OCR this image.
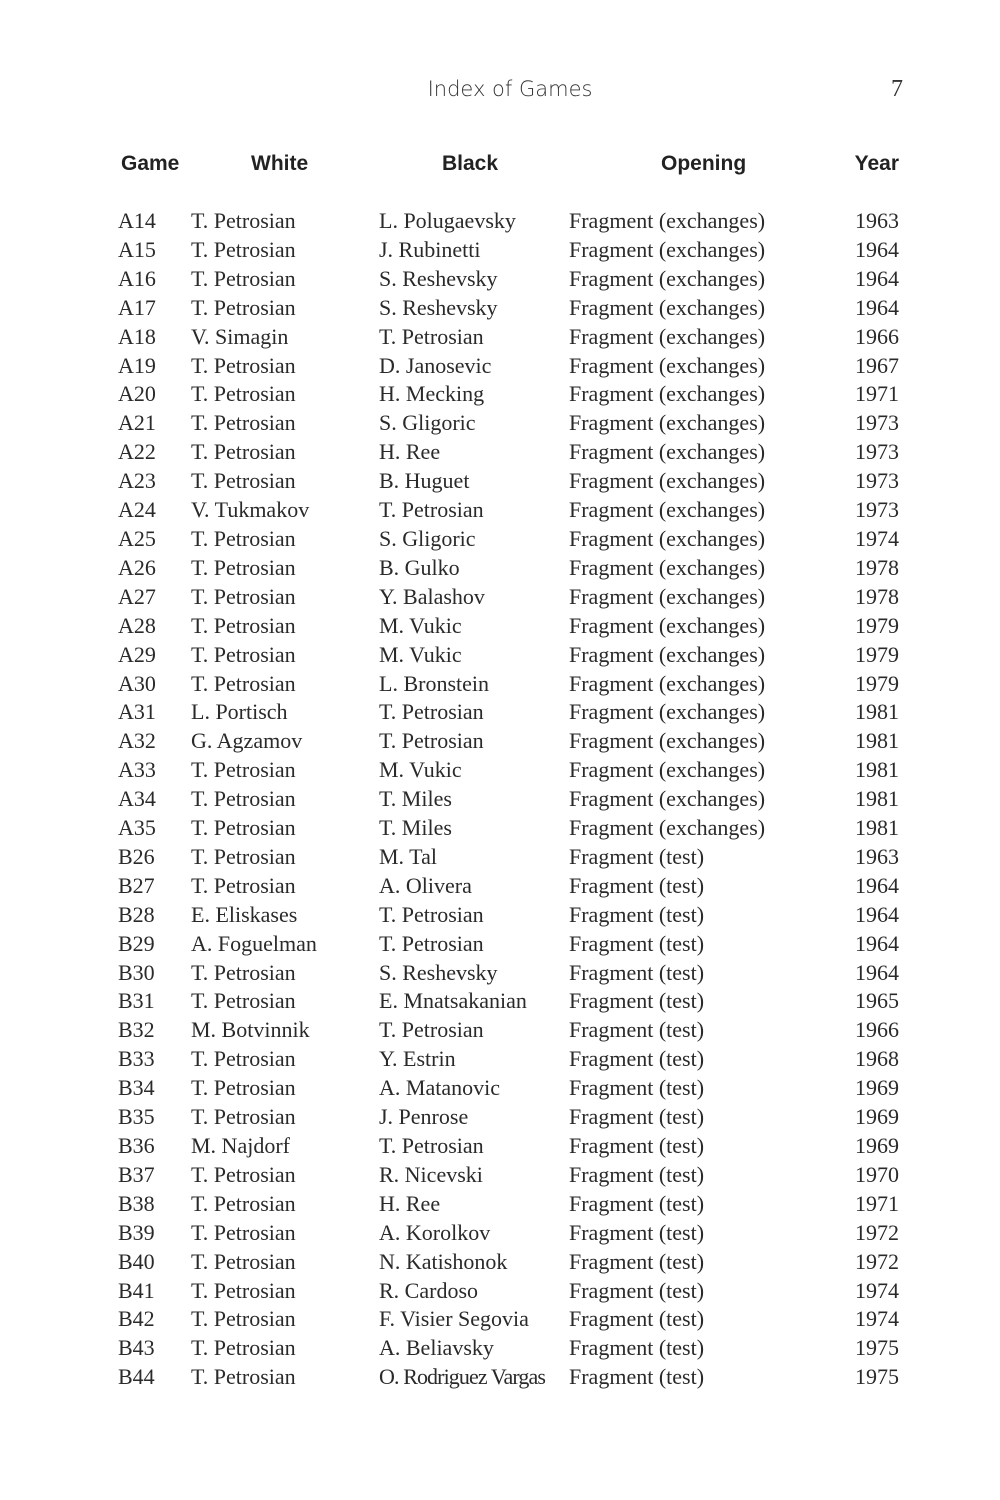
Index of Games	7
Game	White	Black	Opening	Year
A14 T. Petrosian	L. Polugaevsky Fragment (exchanges)	1963
A15 T. Petrosian	J. Rubinetti	Fragment (exchanges)	1964
A16 T. Petrosian	S. Reshevsky	Fragment (exchanges)	1964
A17 T. Petrosian	S. Reshevsky	Fragment (exchanges)	1964
A18 V. Simagin	T. Petrosian	Fragment (exchanges)	1966
A19 T. Petrosian	D. Janosevic	Fragment (exchanges)	1967
A20 T. Petrosian	H. Mecking	Fragment (exchanges)	1971
A21 T. Petrosian	S. Gligoric	Fragment (exchanges)	1973
A22 T. Petrosian	H. Ree	Fragment (exchanges)	1973
A23 T. Petrosian	B. Huguet	Fragment (exchanges)	1973
A24 V. Tukmakov	T. Petrosian	Fragment (exchanges)	1973
A25 T. Petrosian	S. Gligoric	Fragment (exchanges)	1974
A26 T. Petrosian	B. Gulko	Fragment (exchanges)	1978
A27 T. Petrosian	Y. Balashov	Fragment (exchanges)	1978
A28 T. Petrosian	M. Vukic	Fragment (exchanges)	1979
A29 T. Petrosian	M. Vukic	Fragment (exchanges)	1979
A30 T. Petrosian	L. Bronstein	Fragment (exchanges)	1979
A31 L. Portisch	T. Petrosian	Fragment (exchanges)	1981
A32 G. Agzamov	T. Petrosian	Fragment (exchanges)	1981
A33 T. Petrosian	M. Vukic	Fragment (exchanges)	1981
A34 T. Petrosian	T. Miles	Fragment (exchanges)	1981
A35 T. Petrosian	T. Miles	Fragment (exchanges)	1981
B26 T. Petrosian	M. Tal	Fragment (test)	1963
B27 T. Petrosian	A. Olivera	Fragment (test)	1964
B28 E. Eliskases	T. Petrosian	Fragment (test)	1964
B29 A. Foguelman	T. Petrosian	Fragment (test)	1964
B30 T. Petrosian	S. Reshevsky	Fragment (test)	1964
B31 T. Petrosian	E. Mnatsakanian Fragment (test)	1965
B32 M. Botvinnik	T. Petrosian	Fragment (test)	1966
B33 T. Petrosian	Y. Estrin	Fragment (test)	1968
B34 T. Petrosian	A. Matanovic	Fragment (test)	1969
B35 T. Petrosian	J. Penrose	Fragment (test)	1969
B36 M. Najdorf	T. Petrosian	Fragment (test)	1969
B37 T. Petrosian	R. Nicevski	Fragment (test)	1970
B38 T. Petrosian	H. Ree	Fragment (test)	1971
B39 T. Petrosian	A. Korolkov	Fragment (test)	1972
B40 T. Petrosian	N. Katishonok	Fragment (test)	1972
B41 T. Petrosian	R. Cardoso	Fragment (test)	1974
B42 T. Petrosian	F. Visier Segovia Fragment (test)	1974
B43 T. Petrosian	A. Beliavsky	Fragment (test)	1975
B44 T. Petrosian	O. Rodriguez Vargas Fragment (test)	1975
